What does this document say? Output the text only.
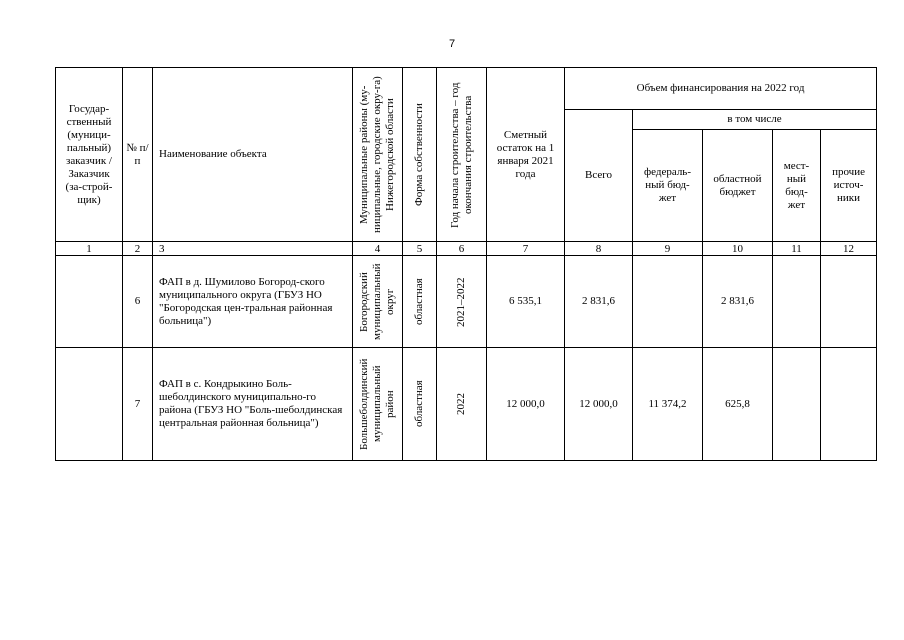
7
Государ-ственный (муници-пальный) заказчик / Заказчик (за-строй-щик)	№ п/п	Наименование объекта	Муниципальные районы (му-ниципальные, городские окру-га) Нижегородской области	Форма собственности	Год начала строительства – год окончания строительства	Сметный остаток на 1 января 2021 года	Объем финансирования на 2022 год				

							Всего	в том числе			

								федераль-ный бюд-жет	областной бюджет	мест-ный бюд-жет	прочие источ-ники

1	2	3	4	5	6	7	8	9	10	11	12
	6	ФАП в д. Шумилово Богород-ского муниципального округа (ГБУЗ НО "Богородская цен-тральная районная больница")	Богородский муниципальный округ	областная	2021–2022	6 535,1	2 831,6		2 831,6		
	7	ФАП в с. Кондрыкино Боль-шеболдинского муниципально-го района (ГБУЗ НО "Боль-шеболдинская центральная районная больница")	Большеболдинский муниципальный район	областная	2022	12 000,0	12 000,0	11 374,2	625,8		
